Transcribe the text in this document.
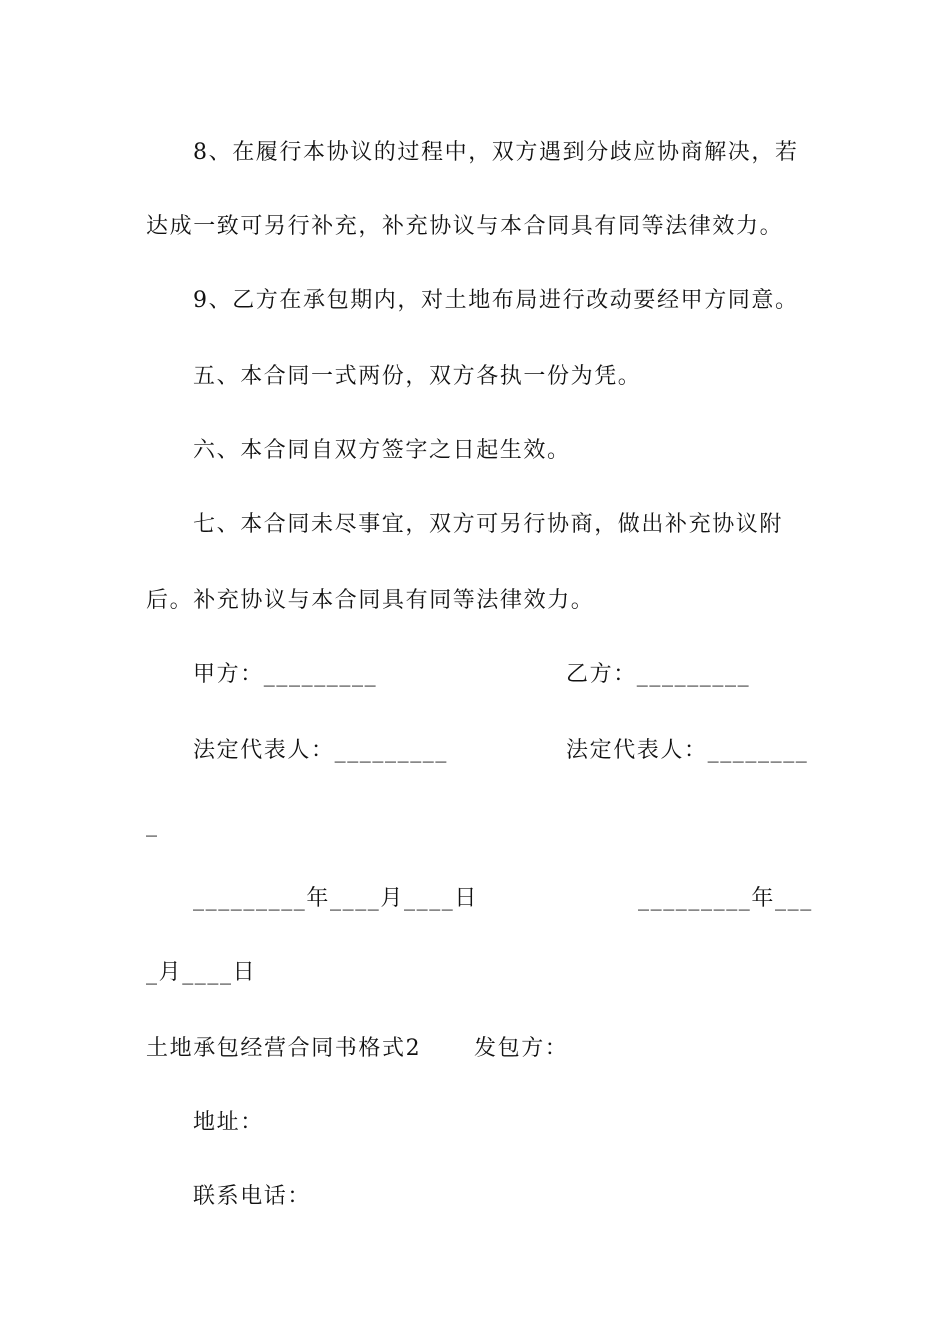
8、在履行本协议的过程中，双方遇到分歧应协商解决，若
达成一致可另行补充，补充协议与本合同具有同等法律效力。
9、乙方在承包期内，对土地布局进行改动要经甲方同意。
五、本合同一式两份，双方各执一份为凭。
六、本合同自双方签字之日起生效。
七、本合同未尽事宜，双方可另行协商，做出补充协议附
后。补充协议与本合同具有同等法律效力。
甲方：_________	乙方：_________
法定代表人：_________	法定代表人：________
_
_________年____月____日	_________年___
_月____日
土地承包经营合同书格式2 发包方：
地址：
联系电话：
